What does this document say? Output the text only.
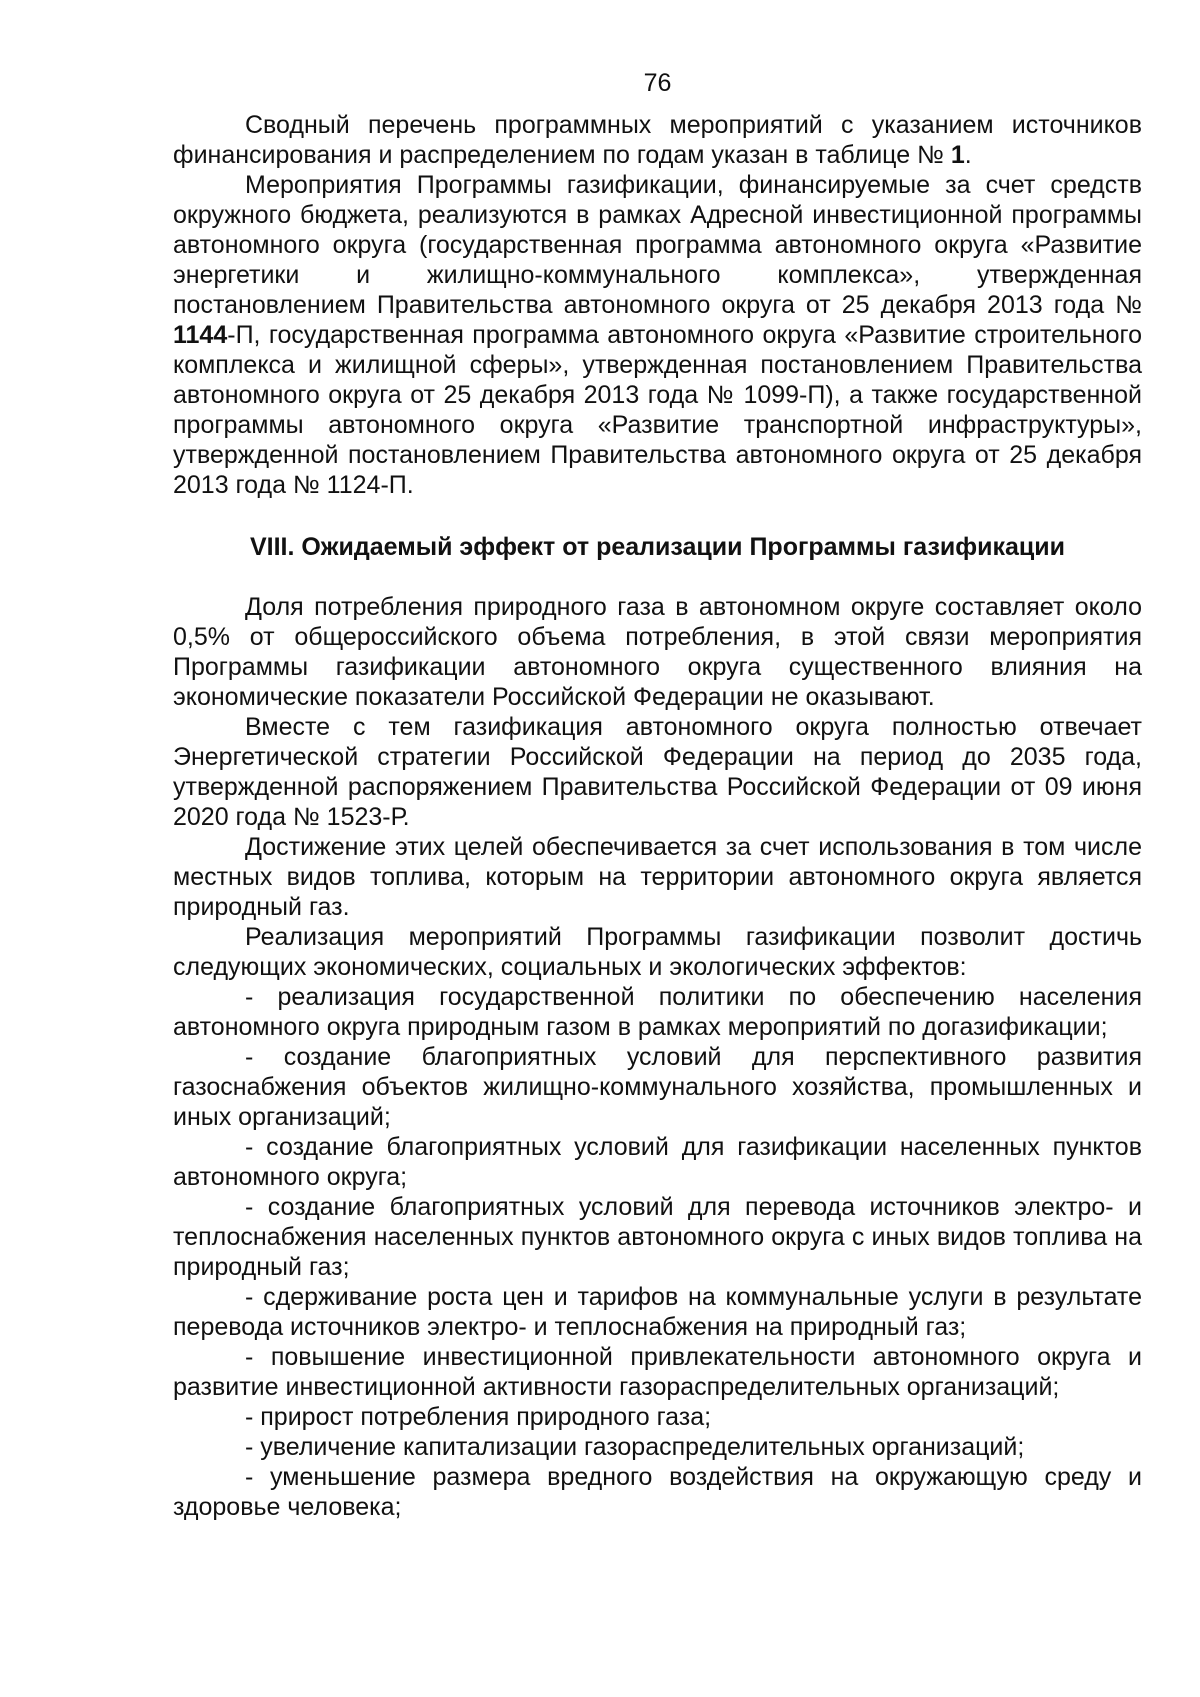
76

Сводный перечень программных мероприятий с указанием источников финансирования и распределением по годам указан в таблице № 1.

Мероприятия Программы газификации, финансируемые за счет средств окружного бюджета, реализуются в рамках Адресной инвестиционной программы автономного округа (государственная программа автономного округа «Развитие энергетики и жилищно-коммунального комплекса», утвержденная постановлением Правительства автономного округа от 25 декабря 2013 года № 1144-П, государственная программа автономного округа «Развитие строительного комплекса и жилищной сферы», утвержденная постановлением Правительства автономного округа от 25 декабря 2013 года № 1099-П), а также государственной программы автономного округа «Развитие транспортной инфраструктуры», утвержденной постановлением Правительства автономного округа от 25 декабря 2013 года № 1124-П.

VIII. Ожидаемый эффект от реализации Программы газификации

Доля потребления природного газа в автономном округе составляет около 0,5% от общероссийского объема потребления, в этой связи мероприятия Программы газификации автономного округа существенного влияния на экономические показатели Российской Федерации не оказывают.

Вместе с тем газификация автономного округа полностью отвечает Энергетической стратегии Российской Федерации на период до 2035 года, утвержденной распоряжением Правительства Российской Федерации от 09 июня 2020 года № 1523-Р.

Достижение этих целей обеспечивается за счет использования в том числе местных видов топлива, которым на территории автономного округа является природный газ.

Реализация мероприятий Программы газификации позволит достичь следующих экономических, социальных и экологических эффектов:

- реализация государственной политики по обеспечению населения автономного округа природным газом в рамках мероприятий по догазификации;

- создание благоприятных условий для перспективного развития газоснабжения объектов жилищно-коммунального хозяйства, промышленных и иных организаций;

- создание благоприятных условий для газификации населенных пунктов автономного округа;

- создание благоприятных условий для перевода источников электро- и теплоснабжения населенных пунктов автономного округа с иных видов топлива на природный газ;

- сдерживание роста цен и тарифов на коммунальные услуги в результате перевода источников электро- и теплоснабжения на природный газ;

- повышение инвестиционной привлекательности автономного округа и развитие инвестиционной активности газораспределительных организаций;

- прирост потребления природного газа;

- увеличение капитализации газораспределительных организаций;

- уменьшение размера вредного воздействия на окружающую среду и здоровье человека;
